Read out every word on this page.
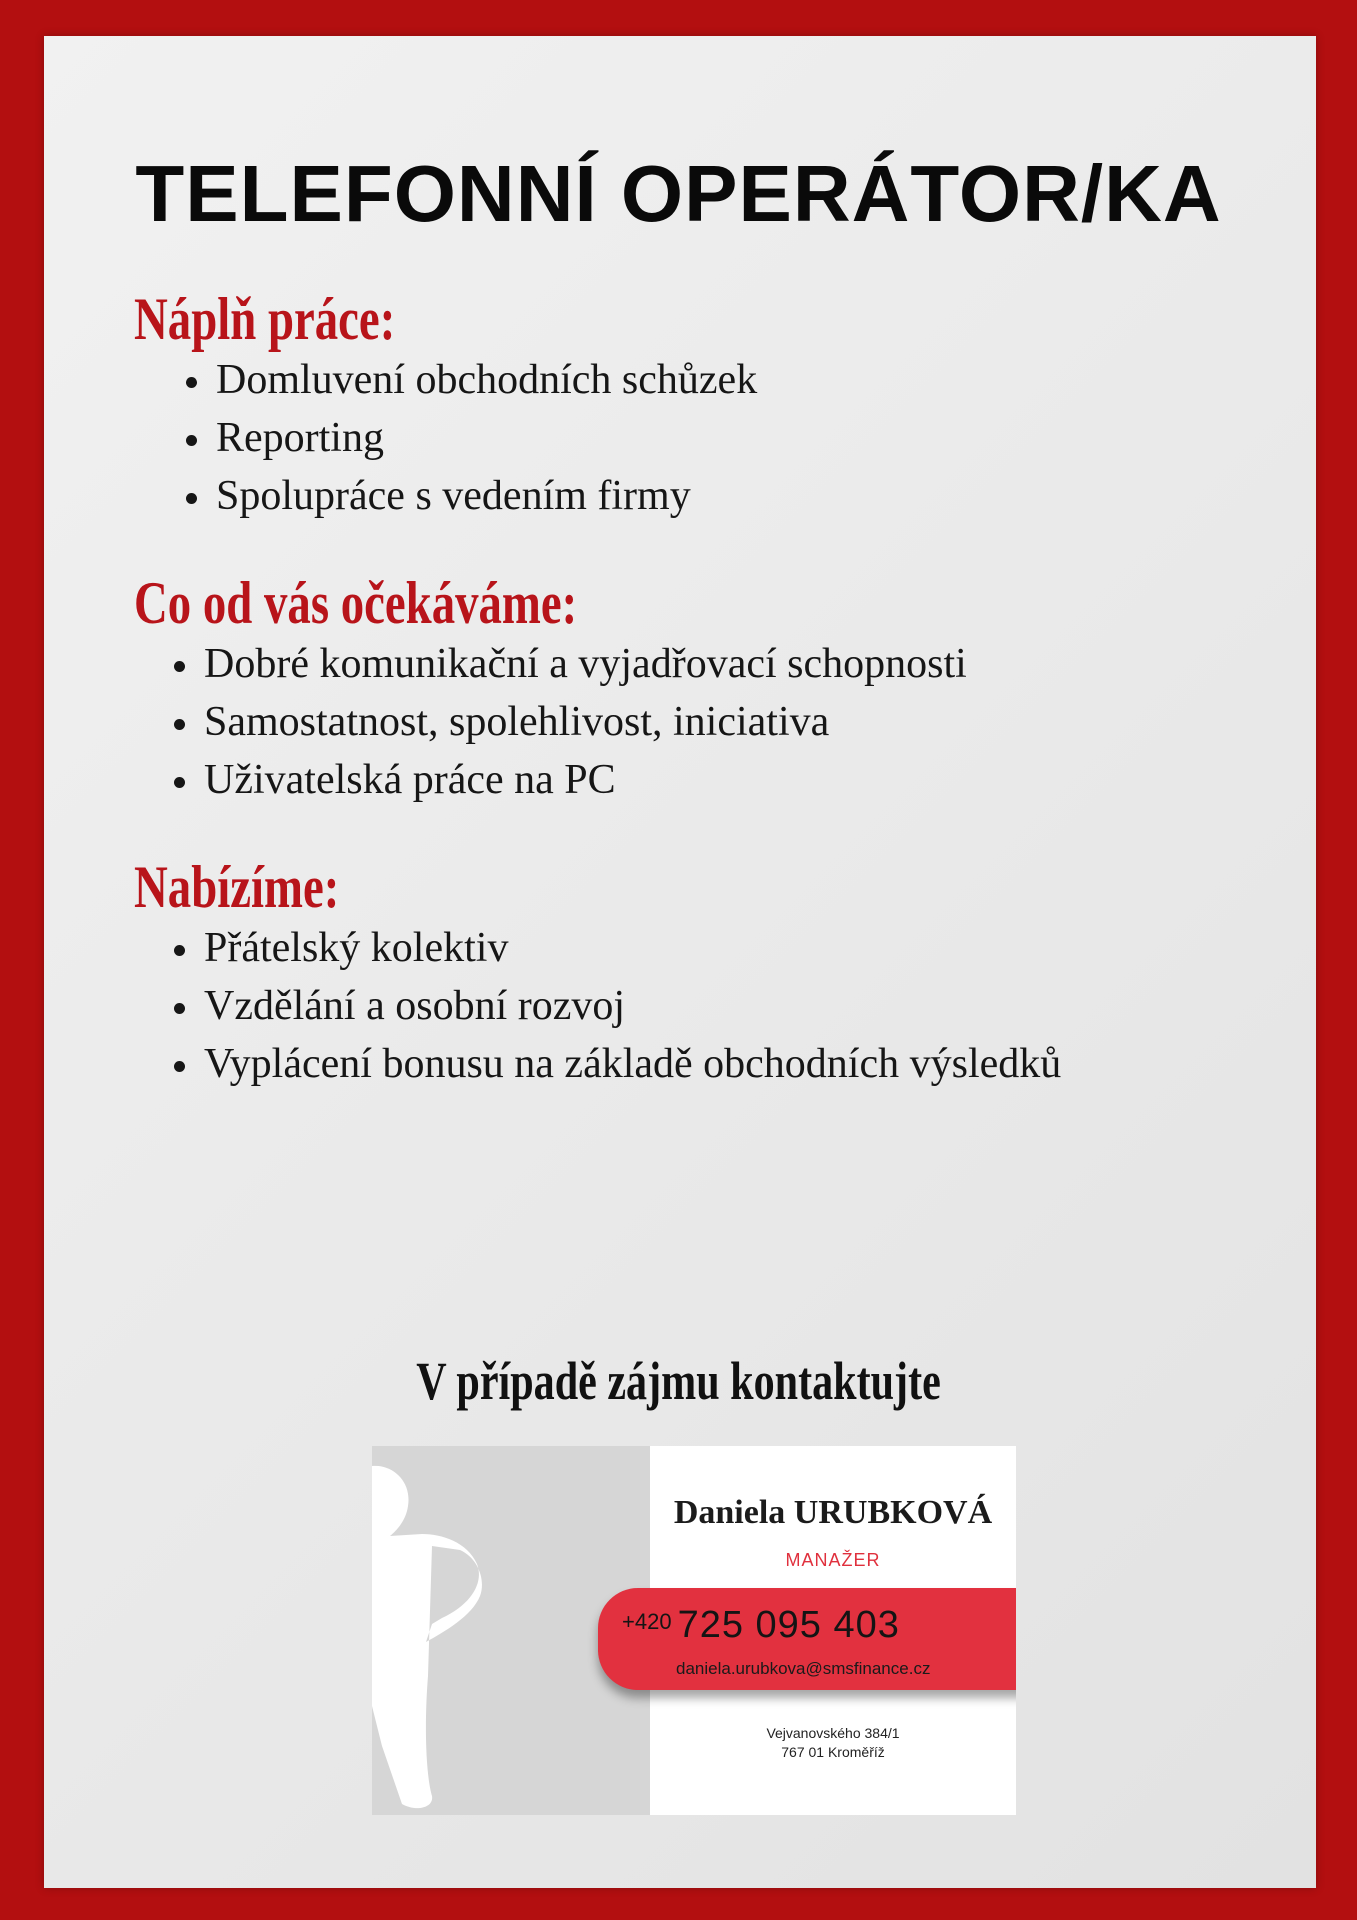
TELEFONNÍ OPERÁTOR/KA
Náplň práce:
Domluvení obchodních schůzek
Reporting
Spolupráce s vedením firmy
Co od vás očekáváme:
Dobré komunikační a vyjadřovací schopnosti
Samostatnost, spolehlivost, iniciativa
Uživatelská práce na PC
Nabízíme:
Přátelský kolektiv
Vzdělání a osobní rozvoj
Vyplácení bonusu na základě obchodních výsledků
V případě zájmu kontaktujte
Daniela URUBKOVÁ
MANAŽER
+420 725 095 403
daniela.urubkova@smsfinance.cz
Vejvanovského 384/1
767 01 Kroměříž
